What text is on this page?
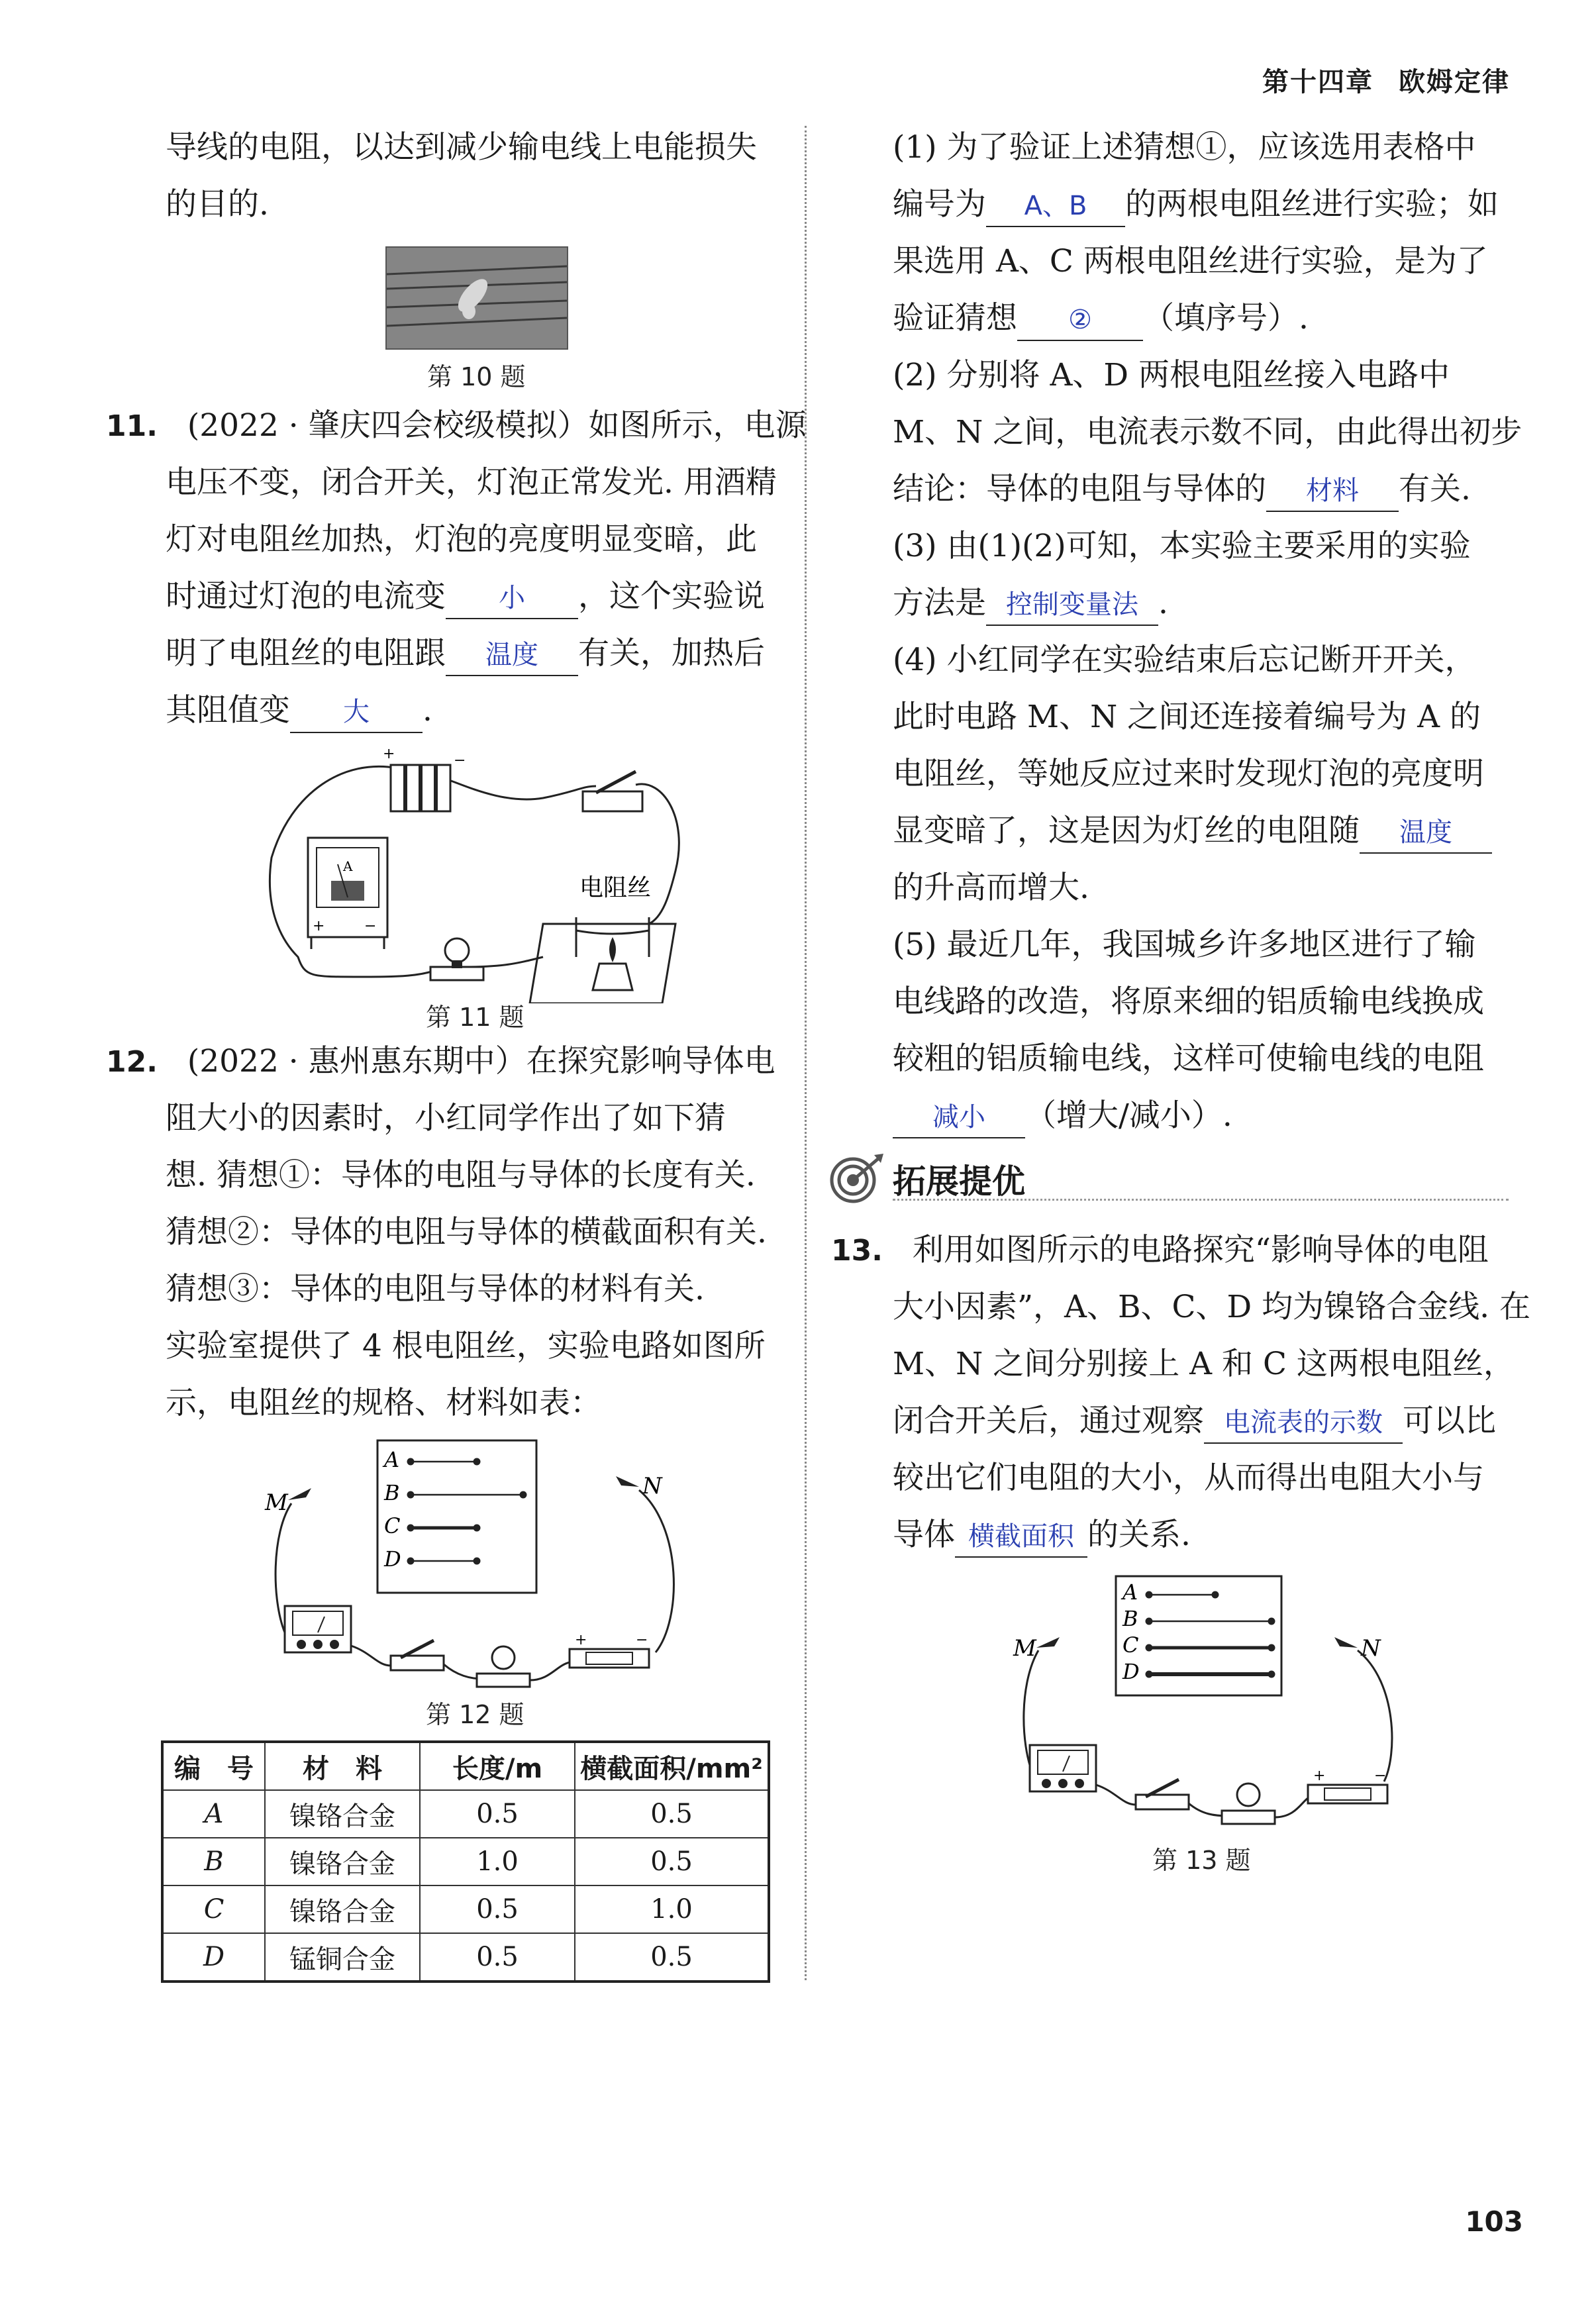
第十四章 欧姆定律
导线的电阻，以达到减少输电线上电能损失
的目的.
第 10 题
11. (2022 · 肇庆四会校级模拟）如图所示，电源
电压不变，闭合开关，灯泡正常发光. 用酒精
灯对电阻丝加热，灯泡的亮度明显变暗，此
时通过灯泡的电流变 小 ，这个实验说
明了电阻丝的电阻跟 温度 有关，加热后
其阻值变 大 .
+	−
A
+	−
电阻丝
第 11 题
12. (2022 · 惠州惠东期中）在探究影响导体电
阻大小的因素时，小红同学作出了如下猜
想. 猜想①：导体的电阻与导体的长度有关.
猜想②：导体的电阻与导体的横截面积有关.
猜想③：导体的电阻与导体的材料有关.
实验室提供了 4 根电阻丝，实验电路如图所
示，电阻丝的规格、材料如表：
A
B
C
D
M
N
+	−
第 12 题
编　号	材　料	长度/m	横截面积/mm²
A	镍铬合金	0.5	0.5
B	镍铬合金	1.0	0.5
C	镍铬合金	0.5	1.0
D	锰铜合金	0.5	0.5
(1) 为了验证上述猜想①，应该选用表格中
编号为 A、B 的两根电阻丝进行实验；如
果选用 A、C 两根电阻丝进行实验，是为了
验证猜想 ② （填序号）.
(2) 分别将 A、D 两根电阻丝接入电路中
M、N 之间，电流表示数不同，由此得出初步
结论：导体的电阻与导体的 材料 有关.
(3) 由(1)(2)可知，本实验主要采用的实验
方法是 控制变量法 .
(4) 小红同学在实验结束后忘记断开开关，
此时电路 M、N 之间还连接着编号为 A 的
电阻丝，等她反应过来时发现灯泡的亮度明
显变暗了，这是因为灯丝的电阻随 温度
的升高而增大.
(5) 最近几年，我国城乡许多地区进行了输
电线路的改造，将原来细的铝质输电线换成
较粗的铝质输电线，这样可使输电线的电阻
减小 （增大/减小）.
拓展提优
13. 利用如图所示的电路探究“影响导体的电阻
大小因素”，A、B、C、D 均为镍铬合金线. 在
M、N 之间分别接上 A 和 C 这两根电阻丝，
闭合开关后，通过观察 电流表的示数 可以比
较出它们电阻的大小，从而得出电阻大小与
导体 横截面积 的关系.
A
B
C
D
M	N
+	−
第 13 题
103
